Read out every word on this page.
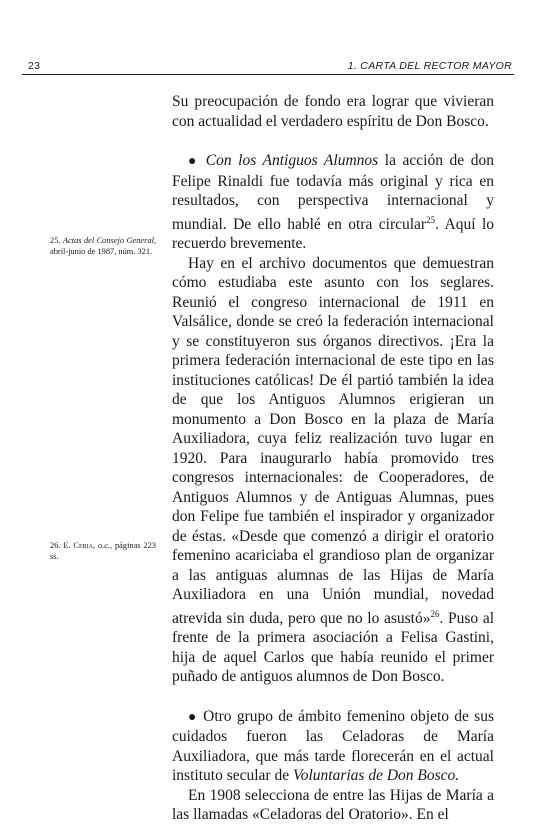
23	1. CARTA DEL RECTOR MAYOR
25. Actas del Consejo General, abril-junio de 1987, núm. 321.
26. E. Ceria, o.c., páginas 223 ss.

Su preocupación de fondo era lograr que vivieran con actualidad el verdadero espíritu de Don Bosco.

● Con los Antiguos Alumnos la acción de don Felipe Rinaldi fue todavía más original y rica en resultados, con perspectiva internacional y mundial. De ello hablé en otra circular$^{25}$. Aquí lo recuerdo brevemente.

Hay en el archivo documentos que demuestran cómo estudiaba este asunto con los seglares. Reunió el congreso internacional de 1911 en Valsálice, donde se creó la federación internacional y se constituyeron sus órganos directivos. ¡Era la primera federación internacional de este tipo en las instituciones católicas! De él partió también la idea de que los Antiguos Alumnos erigieran un monumento a Don Bosco en la plaza de María Auxiliadora, cuya feliz realización tuvo lugar en 1920. Para inaugurarlo había promovido tres congresos internacionales: de Cooperadores, de Antiguos Alumnos y de Antiguas Alumnas, pues don Felipe fue también el inspirador y organizador de éstas. «Desde que comenzó a dirigir el oratorio femenino acariciaba el grandioso plan de organizar a las antiguas alumnas de las Hijas de María Auxiliadora en una Unión mundial, novedad atrevida sin duda, pero que no lo asustó»$^{26}$. Puso al frente de la primera asociación a Felisa Gastini, hija de aquel Carlos que había reunido el primer puñado de antiguos alumnos de Don Bosco.

● Otro grupo de ámbito femenino objeto de sus cuidados fueron las Celadoras de María Auxiliadora, que más tarde florecerán en el actual instituto secular de Voluntarias de Don Bosco.

En 1908 selecciona de entre las Hijas de María a las llamadas «Celadoras del Oratorio». En el
